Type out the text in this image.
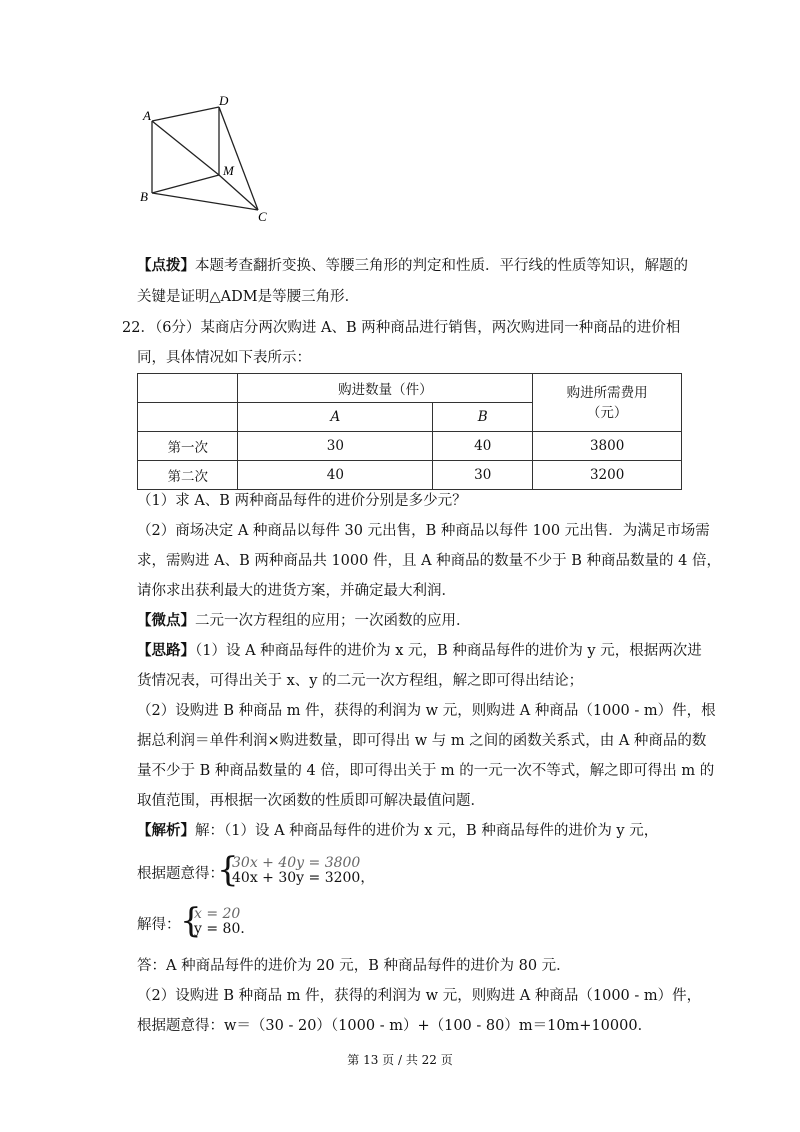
A
D
M
B
C
【点拨】本题考查翻折变换、等腰三角形的判定和性质．平行线的性质等知识，解题的
关键是证明△ADM是等腰三角形．
22．（6分）某商店分两次购进 A、B 两种商品进行销售，两次购进同一种商品的进价相
同，具体情况如下表所示：
	购进数量（件）		购进所需费用（元）
	A	B	
第一次	30	40	3800
第二次	40	30	3200
（1）求 A、B 两种商品每件的进价分别是多少元？
（2）商场决定 A 种商品以每件 30 元出售，B 种商品以每件 100 元出售．为满足市场需
求，需购进 A、B 两种商品共 1000 件，且 A 种商品的数量不少于 B 种商品数量的 4 倍，
请你求出获利最大的进货方案，并确定最大利润．
【微点】二元一次方程组的应用；一次函数的应用．
【思路】（1）设 A 种商品每件的进价为 x 元，B 种商品每件的进价为 y 元，根据两次进
货情况表，可得出关于 x、y 的二元一次方程组，解之即可得出结论；
（2）设购进 B 种商品 m 件，获得的利润为 w 元，则购进 A 种商品（1000 - m）件，根
据总利润＝单件利润×购进数量，即可得出 w 与 m 之间的函数关系式，由 A 种商品的数
量不少于 B 种商品数量的 4 倍，即可得出关于 m 的一元一次不等式，解之即可得出 m 的
取值范围，再根据一次函数的性质即可解决最值问题．
【解析】解：（1）设 A 种商品每件的进价为 x 元，B 种商品每件的进价为 y 元，
根据题意得：
{
30x + 40y = 3800
40x + 30y = 3200，
解得： {
x = 20
y = 80．
答：A 种商品每件的进价为 20 元，B 种商品每件的进价为 80 元．
（2）设购进 B 种商品 m 件，获得的利润为 w 元，则购进 A 种商品（1000 - m）件，
根据题意得：w＝（30 - 20）（1000 - m）+（100 - 80）m＝10m+10000．
第 13 页 / 共 22 页
